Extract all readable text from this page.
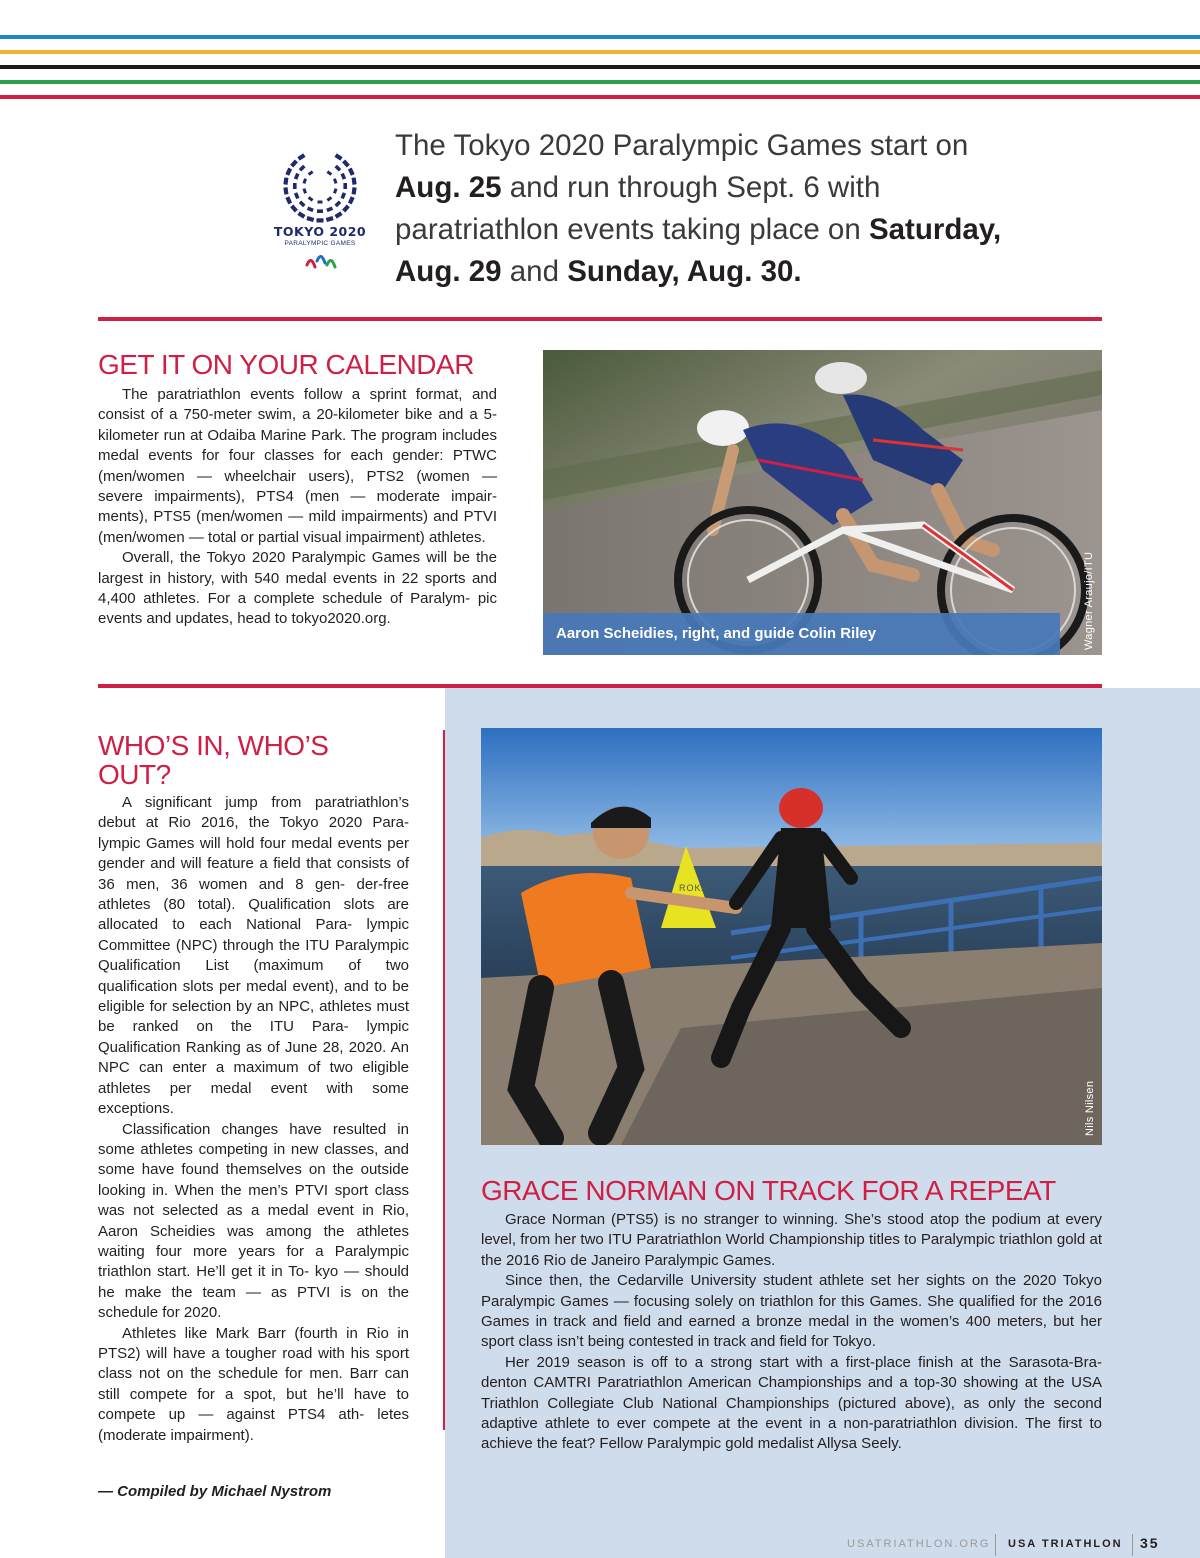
TOKYO 2020
PARALYMPIC GAMES
The Tokyo 2020 Paralympic Games start on Aug. 25 and run through Sept. 6 with paratriathlon events taking place on Saturday, Aug. 29 and Sunday, Aug. 30.
GET IT ON YOUR CALENDAR

The paratriathlon events follow a sprint format, and consist of a 750-meter swim, a 20-kilometer bike and a 5-kilometer run at Odaiba Marine Park. The program includes medal events for four classes for each gender: PTWC (men/women — wheelchair users), PTS2 (women — severe impairments), PTS4 (men — moderate impair- ments), PTS5 (men/women — mild impairments) and PTVI (men/women — total or partial visual impairment) athletes.

Overall, the Tokyo 2020 Paralympic Games will be the largest in history, with 540 medal events in 22 sports and 4,400 athletes. For a complete schedule of Paralym- pic events and updates, head to tokyo2020.org.

Aaron Scheidies, right, and guide Colin Riley	Wagner Araujo/ITU
WHO’S IN, WHO’S
OUT?

A significant jump from paratriathlon’s debut at Rio 2016, the Tokyo 2020 Para- lympic Games will hold four medal events per gender and will feature a field that consists of 36 men, 36 women and 8 gen- der-free athletes (80 total). Qualification slots are allocated to each National Para- lympic Committee (NPC) through the ITU Paralympic Qualification List (maximum of two qualification slots per medal event), and to be eligible for selection by an NPC, athletes must be ranked on the ITU Para- lympic Qualification Ranking as of June 28, 2020. An NPC can enter a maximum of two eligible athletes per medal event with some exceptions.

Classification changes have resulted in some athletes competing in new classes, and some have found themselves on the outside looking in. When the men’s PTVI sport class was not selected as a medal event in Rio, Aaron Scheidies was among the athletes waiting four more years for a Paralympic triathlon start. He’ll get it in To- kyo — should he make the team — as PTVI is on the schedule for 2020.

Athletes like Mark Barr (fourth in Rio in PTS2) will have a tougher road with his sport class not on the schedule for men. Barr can still compete for a spot, but he’ll have to compete up — against PTS4 ath- letes (moderate impairment).

— Compiled by Michael Nystrom
ROKA
Nils Nilsen
GRACE NORMAN ON TRACK FOR A REPEAT

Grace Norman (PTS5) is no stranger to winning. She’s stood atop the podium at every level, from her two ITU Paratriathlon World Championship titles to Paralympic triathlon gold at the 2016 Rio de Janeiro Paralympic Games.

Since then, the Cedarville University student athlete set her sights on the 2020 Tokyo Paralympic Games — focusing solely on triathlon for this Games. She qualified for the 2016 Games in track and field and earned a bronze medal in the women’s 400 meters, but her sport class isn’t being contested in track and field for Tokyo.

Her 2019 season is off to a strong start with a first-place finish at the Sarasota-Bra- denton CAMTRI Paratriathlon American Championships and a top-30 showing at the USA Triathlon Collegiate Club National Championships (pictured above), as only the second adaptive athlete to ever compete at the event in a non-paratriathlon division. The first to achieve the feat? Fellow Paralympic gold medalist Allysa Seely.

USATRIATHLON.ORG USA TRIATHLON 35
